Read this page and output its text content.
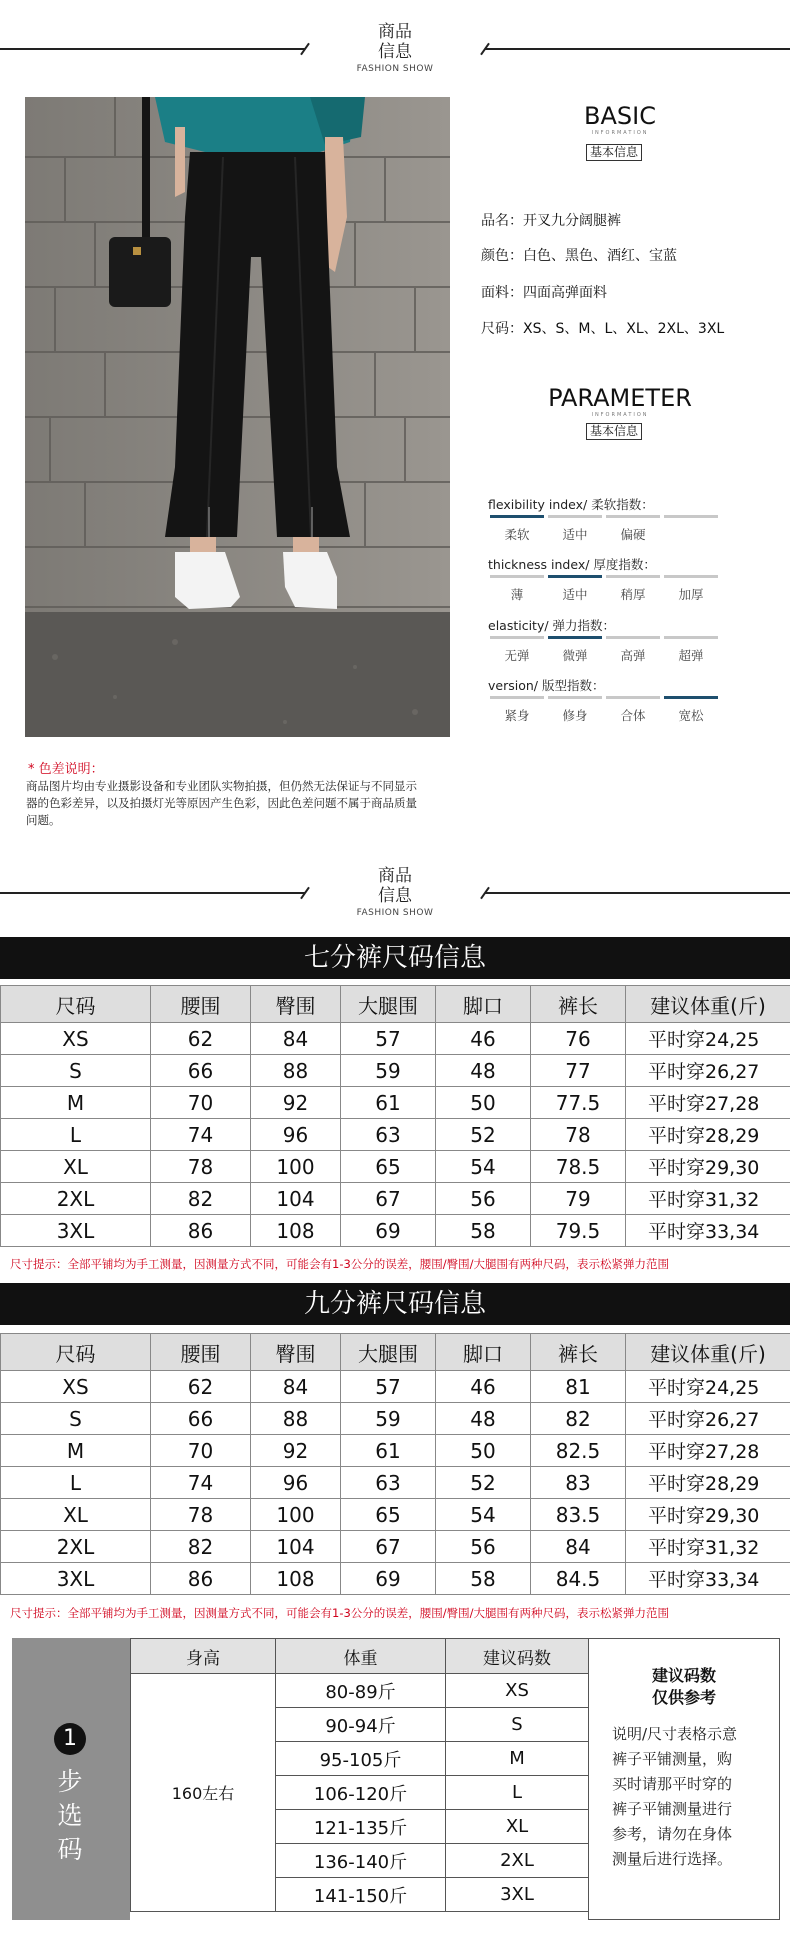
商品
信息
FASHION SHOW
BASIC
INFORMATION
基本信息
品名：开叉九分阔腿裤
颜色：白色、黑色、酒红、宝蓝
面料：四面高弹面料
尺码：XS、S、M、L、XL、2XL、3XL
PARAMETER
INFORMATION
基本信息
flexibility index/ 柔软指数：
柔软	适中	偏硬
thickness index/ 厚度指数：
薄	适中	稍厚	加厚
elasticity/ 弹力指数：
无弹	微弹	高弹	超弹
version/ 版型指数：
紧身	修身	合体	宽松
* 色差说明：
商品图片均由专业摄影设备和专业团队实物拍摄，但仍然无法保证与不同显示器的色彩差异，以及拍摄灯光等原因产生色彩，因此色差问题不属于商品质量问题。
商品
信息
FASHION SHOW
七分裤尺码信息
尺码	腰围	臀围	大腿围	脚口	裤长	建议体重(斤)
XS	62	84	57	46	76	平时穿24,25
S	66	88	59	48	77	平时穿26,27
M	70	92	61	50	77.5	平时穿27,28
L	74	96	63	52	78	平时穿28,29
XL	78	100	65	54	78.5	平时穿29,30
2XL	82	104	67	56	79	平时穿31,32
3XL	86	108	69	58	79.5	平时穿33,34
尺寸提示：全部平铺均为手工测量，因测量方式不同，可能会有1-3公分的误差，腰围/臀围/大腿围有两种尺码，表示松紧弹力范围
九分裤尺码信息
尺码	腰围	臀围	大腿围	脚口	裤长	建议体重(斤)
XS	62	84	57	46	81	平时穿24,25
S	66	88	59	48	82	平时穿26,27
M	70	92	61	50	82.5	平时穿27,28
L	74	96	63	52	83	平时穿28,29
XL	78	100	65	54	83.5	平时穿29,30
2XL	82	104	67	56	84	平时穿31,32
3XL	86	108	69	58	84.5	平时穿33,34
尺寸提示：全部平铺均为手工测量，因测量方式不同，可能会有1-3公分的误差，腰围/臀围/大腿围有两种尺码，表示松紧弹力范围
1
步
选
码
身高	体重	建议码数
160左右	80-89斤	XS
	90-94斤	S
	95-105斤	M
	106-120斤	L
	121-135斤	XL
	136-140斤	2XL
	141-150斤	3XL
建议码数
仅供参考
说明/尺寸表格示意
裤子平铺测量，购
买时请那平时穿的
裤子平铺测量进行
参考，请勿在身体
测量后进行选择。
